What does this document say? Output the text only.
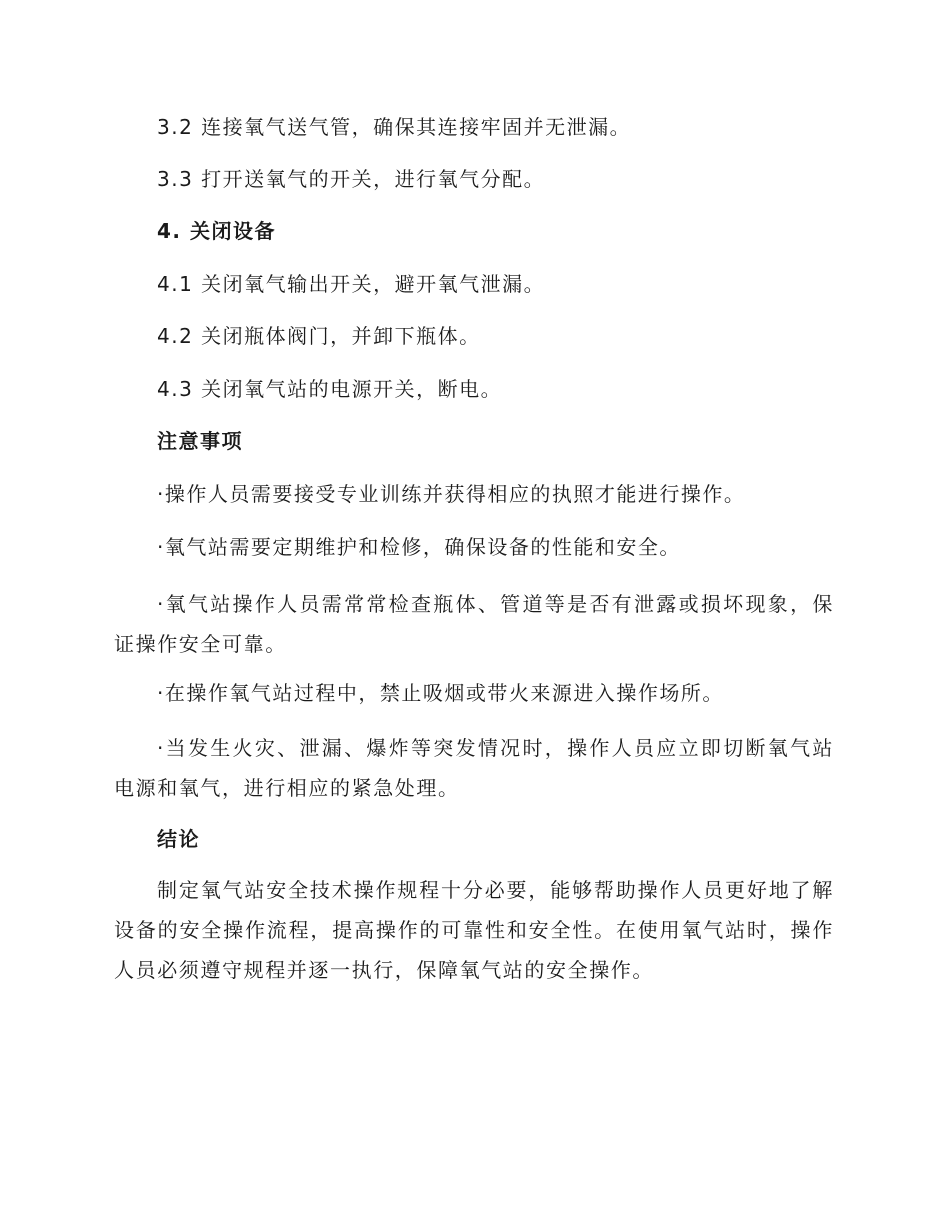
3.2 连接氧气送气管，确保其连接牢固并无泄漏。
3.3 打开送氧气的开关，进行氧气分配。
4. 关闭设备
4.1 关闭氧气输出开关，避开氧气泄漏。
4.2 关闭瓶体阀门，并卸下瓶体。
4.3 关闭氧气站的电源开关，断电。
注意事项
·操作人员需要接受专业训练并获得相应的执照才能进行操作。
·氧气站需要定期维护和检修，确保设备的性能和安全。

·氧气站操作人员需常常检查瓶体、管道等是否有泄露或损坏现象，保证操作安全可靠。

·在操作氧气站过程中，禁止吸烟或带火来源进入操作场所。

·当发生火灾、泄漏、爆炸等突发情况时，操作人员应立即切断氧气站电源和氧气，进行相应的紧急处理。

结论

制定氧气站安全技术操作规程十分必要，能够帮助操作人员更好地了解设备的安全操作流程，提高操作的可靠性和安全性。在使用氧气站时，操作人员必须遵守规程并逐一执行，保障氧气站的安全操作。
